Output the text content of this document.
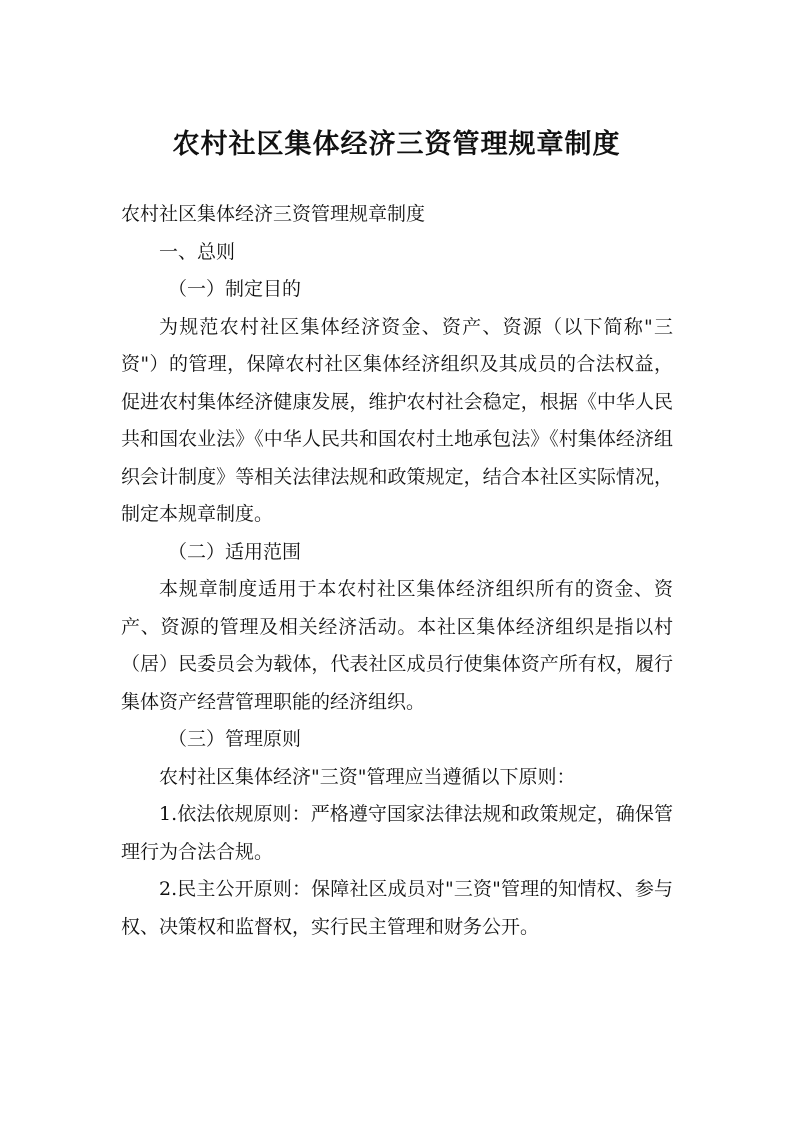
农村社区集体经济三资管理规章制度

农村社区集体经济三资管理规章制度

一、总则

（一）制定目的

为规范农村社区集体经济资金、资产、资源（以下简称"三资"）的管理，保障农村社区集体经济组织及其成员的合法权益，促进农村集体经济健康发展，维护农村社会稳定，根据《中华人民共和国农业法》《中华人民共和国农村土地承包法》《村集体经济组织会计制度》等相关法律法规和政策规定，结合本社区实际情况，制定本规章制度。

（二）适用范围

本规章制度适用于本农村社区集体经济组织所有的资金、资产、资源的管理及相关经济活动。本社区集体经济组织是指以村（居）民委员会为载体，代表社区成员行使集体资产所有权，履行集体资产经营管理职能的经济组织。

（三）管理原则

农村社区集体经济"三资"管理应当遵循以下原则：

1.依法依规原则：严格遵守国家法律法规和政策规定，确保管理行为合法合规。

2.民主公开原则：保障社区成员对"三资"管理的知情权、参与权、决策权和监督权，实行民主管理和财务公开。
